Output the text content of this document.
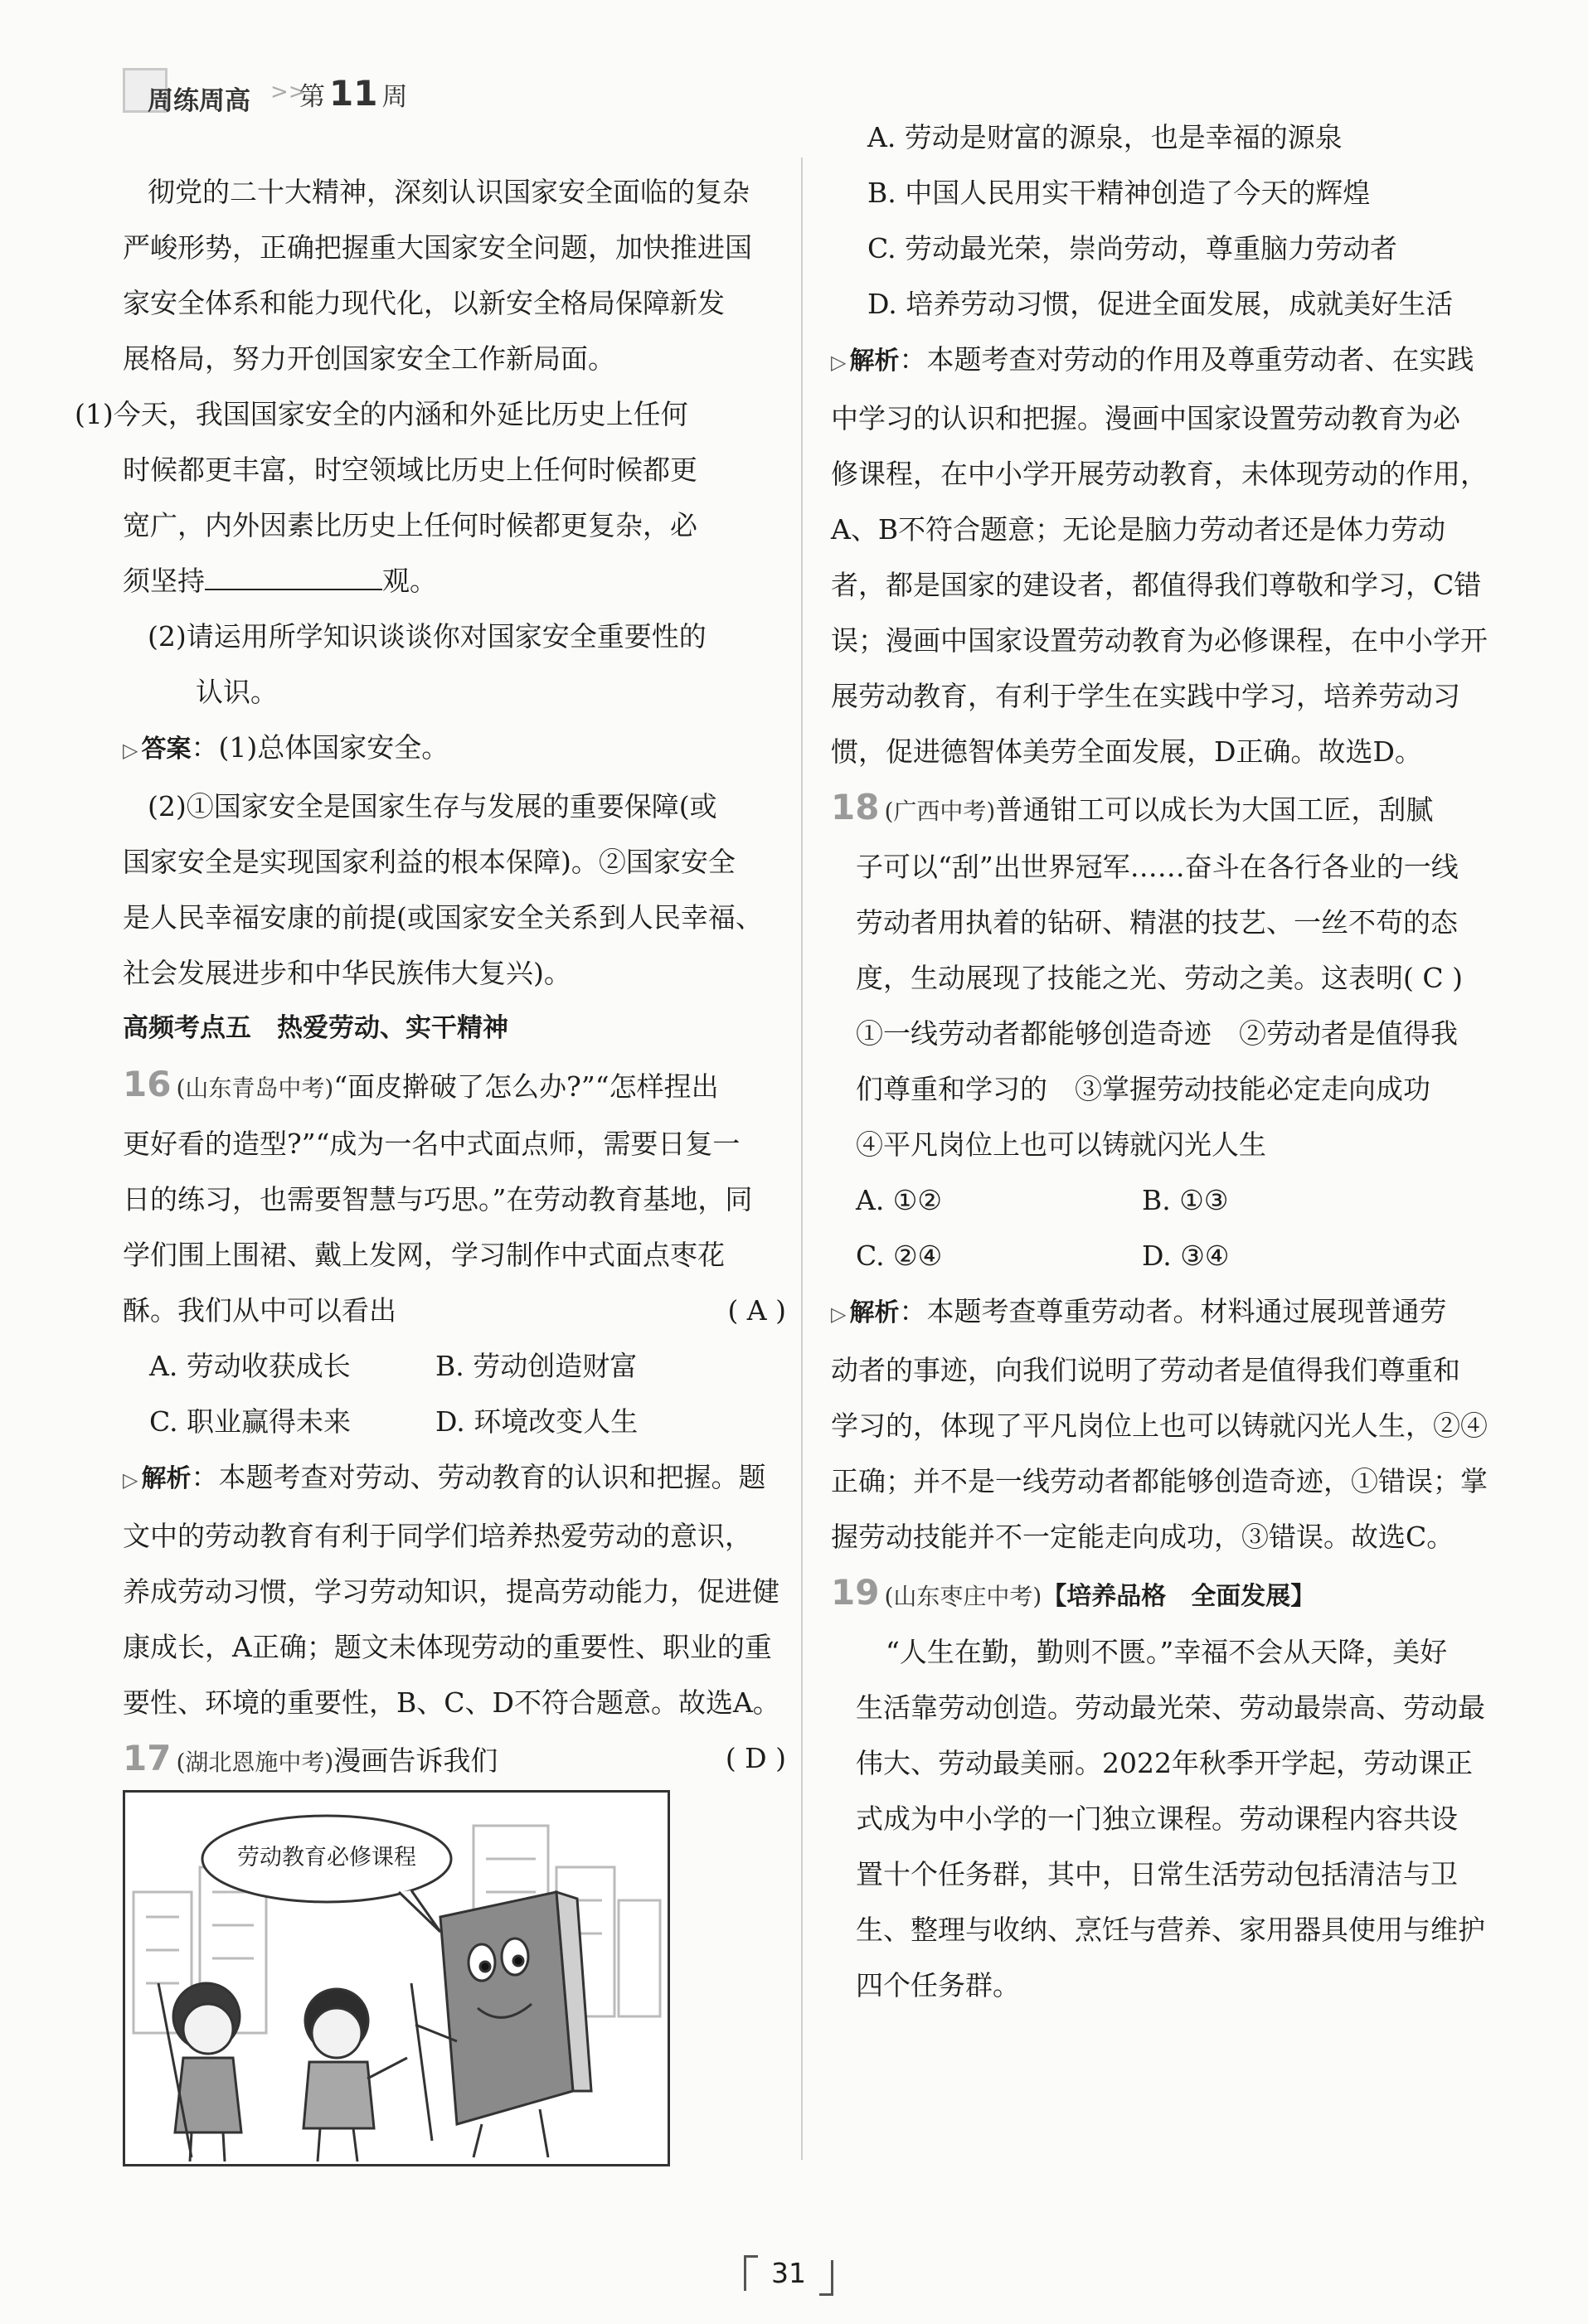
周练周高 >>
第 11 周

彻党的二十大精神，深刻认识国家安全面临的复杂

严峻形势，正确把握重大国家安全问题，加快推进国

家安全体系和能力现代化，以新安全格局保障新发

展格局，努力开创国家安全工作新局面。

(1)今天，我国国家安全的内涵和外延比历史上任何
时候都更丰富，时空领域比历史上任何时候都更
宽广，内外因素比历史上任何时候都更复杂，必
须坚持	观。
(2)请运用所学知识谈谈你对国家安全重要性的
认识。

▷ 答案：(1)总体国家安全。

(2)①国家安全是国家生存与发展的重要保障(或

国家安全是实现国家利益的根本保障)。②国家安全

是人民幸福安康的前提(或国家安全关系到人民幸福、

社会发展进步和中华民族伟大复兴)。

高频考点五　热爱劳动、实干精神

16 (山东青岛中考)“面皮擀破了怎么办?”“怎样捏出

更好看的造型?”“成为一名中式面点师，需要日复一

日的练习，也需要智慧与巧思。”在劳动教育基地，同

学们围上围裙、戴上发网，学习制作中式面点枣花

酥。我们从中可以看出	( A )

A. 劳动收获成长	B. 劳动创造财富
C. 职业赢得未来	D. 环境改变人生

▷ 解析：本题考查对劳动、劳动教育的认识和把握。题

文中的劳动教育有利于同学们培养热爱劳动的意识，

养成劳动习惯，学习劳动知识，提高劳动能力，促进健

康成长，A正确；题文未体现劳动的重要性、职业的重

要性、环境的重要性，B、C、D不符合题意。故选A。

17 (湖北恩施中考)漫画告诉我们	( D )

劳动教育必修课程

A. 劳动是财富的源泉，也是幸福的源泉

B. 中国人民用实干精神创造了今天的辉煌

C. 劳动最光荣，崇尚劳动，尊重脑力劳动者

D. 培养劳动习惯，促进全面发展，成就美好生活

▷ 解析：本题考查对劳动的作用及尊重劳动者、在实践

中学习的认识和把握。漫画中国家设置劳动教育为必

修课程，在中小学开展劳动教育，未体现劳动的作用，

A、B不符合题意；无论是脑力劳动者还是体力劳动

者，都是国家的建设者，都值得我们尊敬和学习，C错

误；漫画中国家设置劳动教育为必修课程，在中小学开

展劳动教育，有利于学生在实践中学习，培养劳动习

惯，促进德智体美劳全面发展，D正确。故选D。

18 (广西中考)普通钳工可以成长为大国工匠，刮腻

子可以“刮”出世界冠军……奋斗在各行各业的一线

劳动者用执着的钻研、精湛的技艺、一丝不苟的态

度，生动展现了技能之光、劳动之美。这表明( C )

①一线劳动者都能够创造奇迹　②劳动者是值得我

们尊重和学习的　③掌握劳动技能必定走向成功

④平凡岗位上也可以铸就闪光人生

A. ①②	B. ①③
C. ②④	D. ③④

▷ 解析：本题考查尊重劳动者。材料通过展现普通劳

动者的事迹，向我们说明了劳动者是值得我们尊重和

学习的，体现了平凡岗位上也可以铸就闪光人生，②④

正确；并不是一线劳动者都能够创造奇迹，①错误；掌

握劳动技能并不一定能走向成功，③错误。故选C。

19 (山东枣庄中考)【培养品格　全面发展】

“人生在勤，勤则不匮。”幸福不会从天降，美好

生活靠劳动创造。劳动最光荣、劳动最崇高、劳动最

伟大、劳动最美丽。2022年秋季开学起，劳动课正

式成为中小学的一门独立课程。劳动课程内容共设

置十个任务群，其中，日常生活劳动包括清洁与卫

生、整理与收纳、烹饪与营养、家用器具使用与维护

四个任务群。

31
